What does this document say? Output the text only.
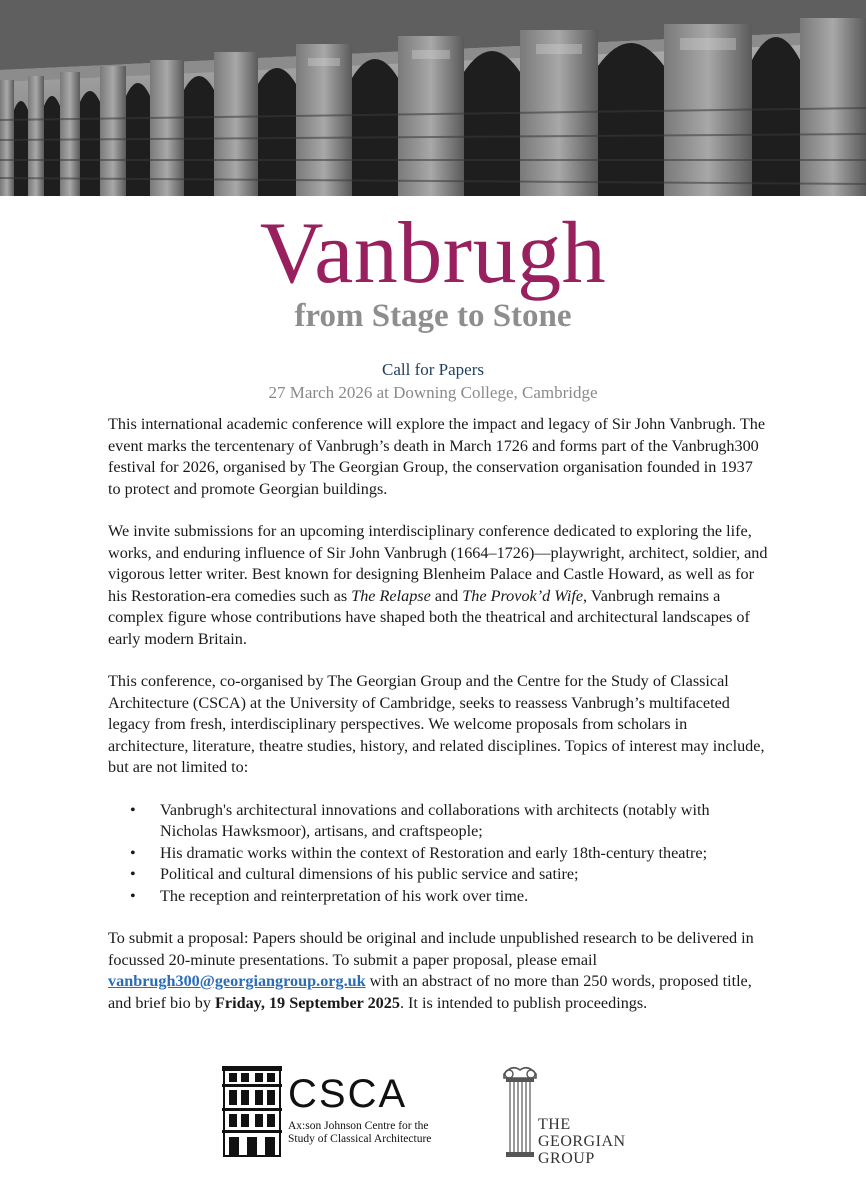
Vanbrugh
from Stage to Stone
Call for Papers
27 March 2026 at Downing College, Cambridge

This international academic conference will explore the impact and legacy of Sir John Vanbrugh. The event marks the tercentenary of Vanbrugh’s death in March 1726 and forms part of the Vanbrugh300 festival for 2026, organised by The Georgian Group, the conservation organisation founded in 1937 to protect and promote Georgian buildings.

We invite submissions for an upcoming interdisciplinary conference dedicated to exploring the life, works, and enduring influence of Sir John Vanbrugh (1664–1726)—playwright, architect, soldier, and vigorous letter writer. Best known for designing Blenheim Palace and Castle Howard, as well as for his Restoration-era comedies such as The Relapse and The Provok’d Wife, Vanbrugh remains a complex figure whose contributions have shaped both the theatrical and architectural landscapes of early modern Britain.

This conference, co-organised by The Georgian Group and the Centre for the Study of Classical Architecture (CSCA) at the University of Cambridge, seeks to reassess Vanbrugh’s multifaceted legacy from fresh, interdisciplinary perspectives. We welcome proposals from scholars in architecture, literature, theatre studies, history, and related disciplines. Topics of interest may include, but are not limited to:

• Vanbrugh's architectural innovations and collaborations with architects (notably with Nicholas Hawksmoor), artisans, and craftspeople;
• His dramatic works within the context of Restoration and early 18th-century theatre;
• Political and cultural dimensions of his public service and satire;
• The reception and reinterpretation of his work over time.

To submit a proposal: Papers should be original and include unpublished research to be delivered in focussed 20-minute presentations. To submit a paper proposal, please email vanbrugh300@georgiangroup.org.uk with an abstract of no more than 250 words, proposed title, and brief bio by Friday, 19 September 2025. It is intended to publish proceedings.

CSCA
Ax:son Johnson Centre for the
Study of Classical Architecture
THE
GEORGIAN
GROUP
